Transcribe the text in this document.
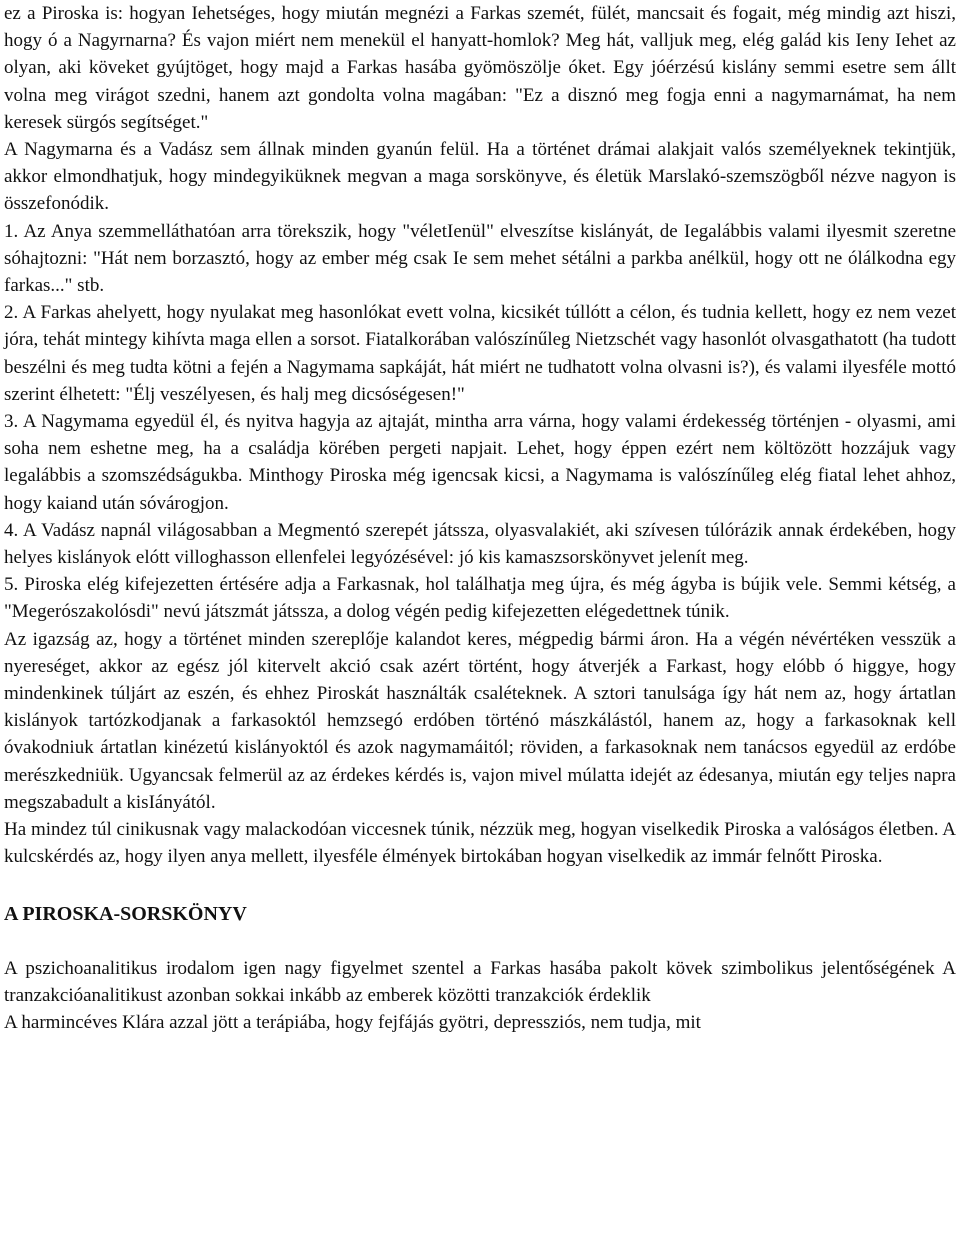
ez a Piroska is: hogyan Iehetséges, hogy miután megnézi a Farkas szemét, fülét, mancsait és fogait, még mindig azt hiszi, hogy ó a Nagyrnarna? És vajon miért nem menekül el hanyatt-homlok? Meg hát, valljuk meg, elég galád kis Ieny Iehet az olyan, aki köveket gyújtöget, hogy majd a Farkas hasába gyömöszölje óket. Egy jóérzésú kislány semmi esetre sem állt volna meg virágot szedni, hanem azt gondolta volna magában: "Ez a disznó meg fogja enni a nagymarnámat, ha nem keresek sürgós segítséget."

A Nagymarna és a Vadász sem állnak minden gyanún felül. Ha a történet drámai alakjait valós személyeknek tekintjük, akkor elmondhatjuk, hogy mindegyiküknek megvan a maga sorskönyve, és életük Marslakó-szemszögből nézve nagyon is összefonódik.

1. Az Anya szemmelláthatóan arra törekszik, hogy "véletIenül" elveszítse kislányát, de Iegalábbis valami ilyesmit szeretne sóhajtozni: "Hát nem borzasztó, hogy az ember még csak Ie sem mehet sétálni a parkba anélkül, hogy ott ne ólálkodna egy farkas..." stb.

2. A Farkas ahelyett, hogy nyulakat meg hasonlókat evett volna, kicsikét túllótt a célon, és tudnia kellett, hogy ez nem vezet jóra, tehát mintegy kihívta maga ellen a sorsot. Fiatalkorában valószínűleg Nietzschét vagy hasonlót olvasgathatott (ha tudott beszélni és meg tudta kötni a fején a Nagymama sapkáját, hát miért ne tudhatott volna olvasni is?), és valami ilyesféle mottó szerint élhetett: "Élj veszélyesen, és halj meg dicsóségesen!"

3. A Nagymama egyedül él, és nyitva hagyja az ajtaját, mintha arra várna, hogy valami érdekesség történjen - olyasmi, ami soha nem eshetne meg, ha a családja körében pergeti napjait. Lehet, hogy éppen ezért nem költözött hozzájuk vagy legalábbis a szomszédságukba. Minthogy Piroska még igencsak kicsi, a Nagymama is valószínűleg elég fiatal lehet ahhoz, hogy kaiand után sóvárogjon.

4. A Vadász napnál világosabban a Megmentó szerepét játssza, olyasvalakiét, aki szívesen túlórázik annak érdekében, hogy helyes kislányok elótt villoghasson ellenfelei legyózésével: jó kis kamaszsorskönyvet jelenít meg.

5. Piroska elég kifejezetten értésére adja a Farkasnak, hol találhatja meg újra, és még ágyba is bújik vele. Semmi kétség, a "Megerószakolósdi" nevú játszmát játssza, a dolog végén pedig kifejezetten elégedettnek túnik.

Az igazság az, hogy a történet minden szereplője kalandot keres, mégpedig bármi áron. Ha a végén névértéken vesszük a nyereséget, akkor az egész jól kitervelt akció csak azért történt, hogy átverjék a Farkast, hogy elóbb ó higgye, hogy mindenkinek túljárt az eszén, és ehhez Piroskát használták csaléteknek. A sztori tanulsága így hát nem az, hogy ártatlan kislányok tartózkodjanak a farkasoktól hemzsegó erdóben történó mászkálástól, hanem az, hogy a farkasoknak kell óvakodniuk ártatlan kinézetú kislányoktól és azok nagymamáitól; röviden, a farkasoknak nem tanácsos egyedül az erdóbe merészkedniük. Ugyancsak felmerül az az érdekes kérdés is, vajon mivel múlatta idejét az édesanya, miután egy teljes napra megszabadult a kisIányától.

Ha mindez túl cinikusnak vagy malackodóan viccesnek túnik, nézzük meg, hogyan viselkedik Piroska a valóságos életben. A kulcskérdés az, hogy ilyen anya mellett, ilyesféle élmények birtokában hogyan viselkedik az immár felnőtt Piroska.

A PIROSKA-SORSKÖNYV

A pszichoanalitikus irodalom igen nagy figyelmet szentel a Farkas hasába pakolt kövek szimbolikus jelentőségének A tranzakcióanalitikust azonban sokkai inkább az emberek közötti tranzakciók érdeklik

A harmincéves Klára azzal jött a terápiába, hogy fejfájás gyötri, depressziós, nem tudja, mit
